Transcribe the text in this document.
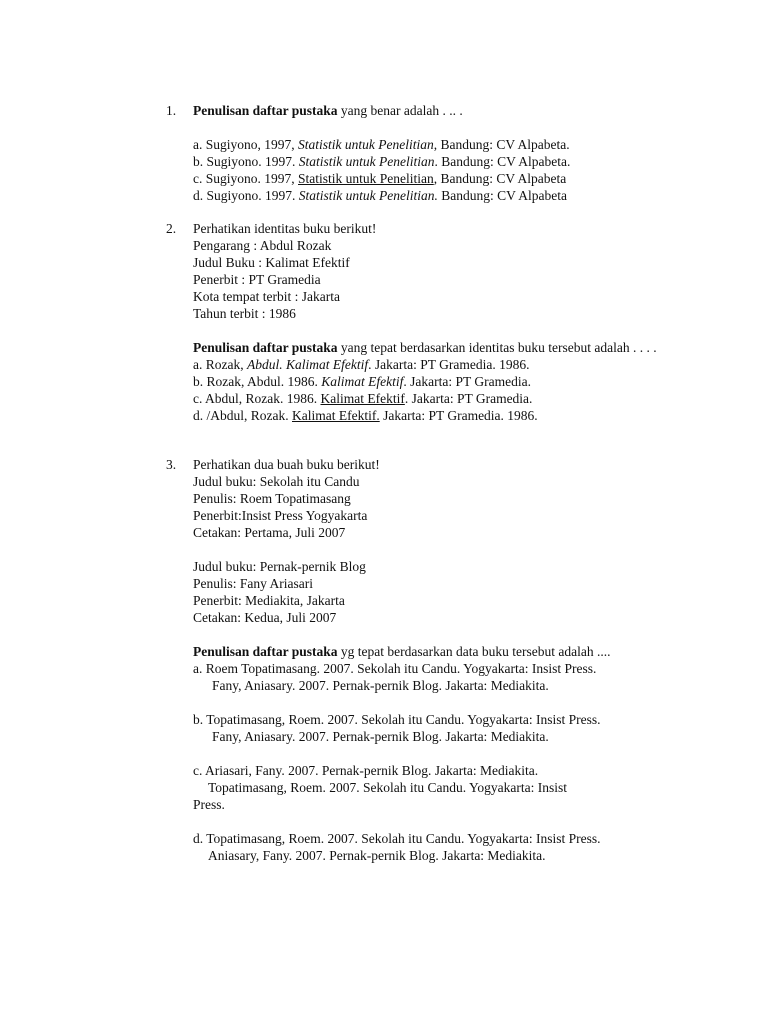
1. Penulisan daftar pustaka yang benar adalah . .. .
a. Sugiyono, 1997, Statistik untuk Penelitian, Bandung: CV Alpabeta.
b. Sugiyono. 1997. Statistik untuk Penelitian. Bandung: CV Alpabeta.
c. Sugiyono. 1997, Statistik untuk Penelitian, Bandung: CV Alpabeta
d. Sugiyono. 1997. Statistik untuk Penelitian. Bandung: CV Alpabeta
2. Perhatikan identitas buku berikut!
Pengarang : Abdul Rozak
Judul Buku : Kalimat Efektif
Penerbit : PT Gramedia
Kota tempat terbit : Jakarta
Tahun terbit : 1986
Penulisan daftar pustaka yang tepat berdasarkan identitas buku tersebut adalah . . . .
a. Rozak, Abdul. Kalimat Efektif. Jakarta: PT Gramedia. 1986.
b. Rozak, Abdul. 1986. Kalimat Efektif. Jakarta: PT Gramedia.
c. Abdul, Rozak. 1986. Kalimat Efektif. Jakarta: PT Gramedia.
d. /Abdul, Rozak. Kalimat Efektif. Jakarta: PT Gramedia. 1986.
3. Perhatikan dua buah buku berikut!
Judul buku: Sekolah itu Candu
Penulis: Roem Topatimasang
Penerbit:Insist Press Yogyakarta
Cetakan: Pertama, Juli 2007
Judul buku: Pernak-pernik Blog
Penulis: Fany Ariasari
Penerbit: Mediakita, Jakarta
Cetakan: Kedua, Juli 2007
Penulisan daftar pustaka yg tepat berdasarkan data buku tersebut adalah ....
a. Roem Topatimasang. 2007. Sekolah itu Candu. Yogyakarta: Insist Press.
Fany, Aniasary. 2007. Pernak-pernik Blog. Jakarta: Mediakita.
b. Topatimasang, Roem. 2007. Sekolah itu Candu. Yogyakarta: Insist Press.
Fany, Aniasary. 2007. Pernak-pernik Blog. Jakarta: Mediakita.
c. Ariasari, Fany. 2007. Pernak-pernik Blog. Jakarta: Mediakita.
Topatimasang, Roem. 2007. Sekolah itu Candu. Yogyakarta: Insist
Press.
d. Topatimasang, Roem. 2007. Sekolah itu Candu. Yogyakarta: Insist Press.
Aniasary, Fany. 2007. Pernak-pernik Blog. Jakarta: Mediakita.
